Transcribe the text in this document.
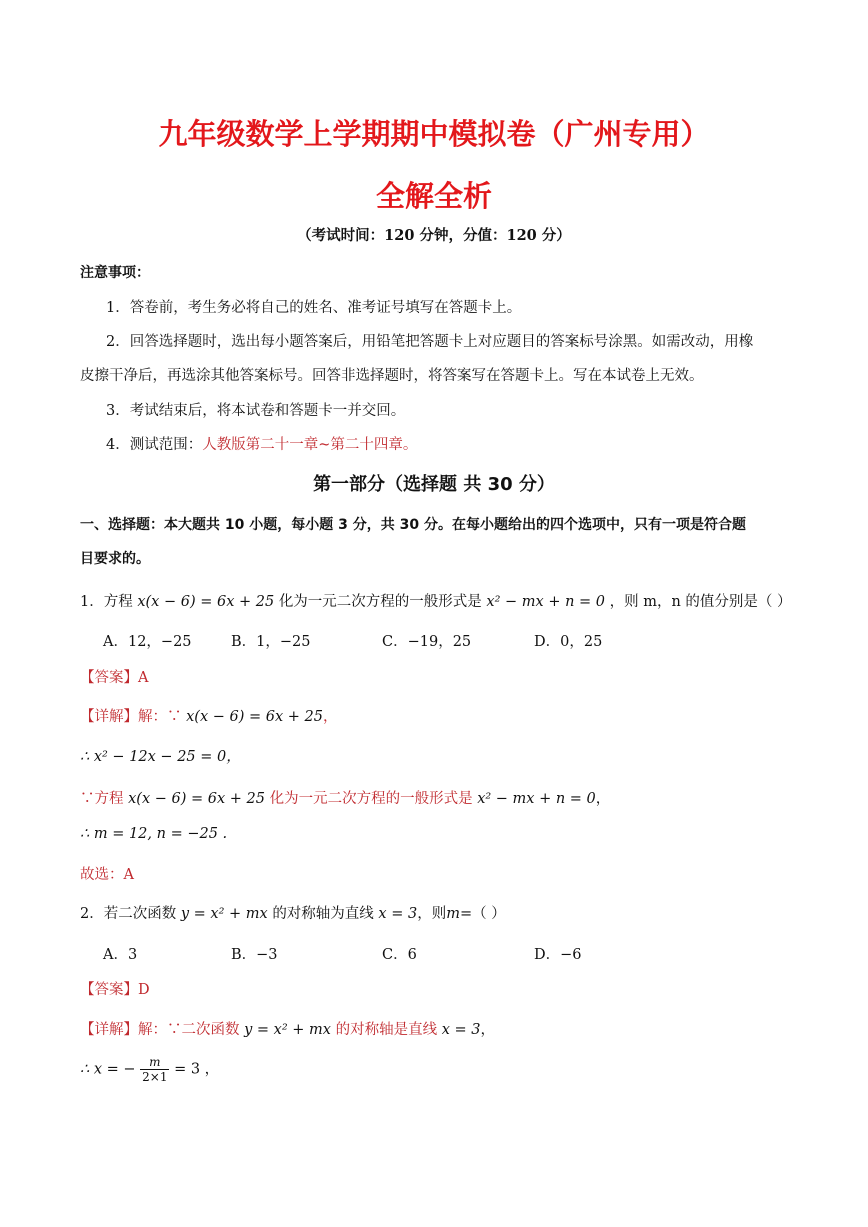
九年级数学上学期期中模拟卷（广州专用）
全解全析
（考试时间：120 分钟，分值：120 分）
注意事项：
1．答卷前，考生务必将自己的姓名、准考证号填写在答题卡上。
2．回答选择题时，选出每小题答案后，用铅笔把答题卡上对应题目的答案标号涂黑。如需改动，用橡
皮擦干净后，再选涂其他答案标号。回答非选择题时，将答案写在答题卡上。写在本试卷上无效。
3．考试结束后，将本试卷和答题卡一并交回。
4．测试范围：人教版第二十一章~第二十四章。
第一部分（选择题 共 30 分）
一、选择题：本大题共 10 小题，每小题 3 分，共 30 分。在每小题给出的四个选项中，只有一项是符合题
目要求的。
1．方程 x(x − 6) = 6x + 25 化为一元二次方程的一般形式是 x² − mx + n = 0 ，则 m，n 的值分别是（ ）
A．12，−25	B．1，−25	C．−19，25	D．0，25
【答案】A
【详解】解：∵ x(x − 6) = 6x + 25，
∴ x² − 12x − 25 = 0，
∵方程 x(x − 6) = 6x + 25 化为一元二次方程的一般形式是 x² − mx + n = 0，
∴ m = 12, n = −25 .
故选：A
2．若二次函数 y = x² + mx 的对称轴为直线 x = 3，则m=（ ）
A．3	B．−3	C．6	D．−6
【答案】D
【详解】解：∵二次函数 y = x² + mx 的对称轴是直线 x = 3，
∴ x = − $\frac{m}{2\times 1} = 3$ ，
